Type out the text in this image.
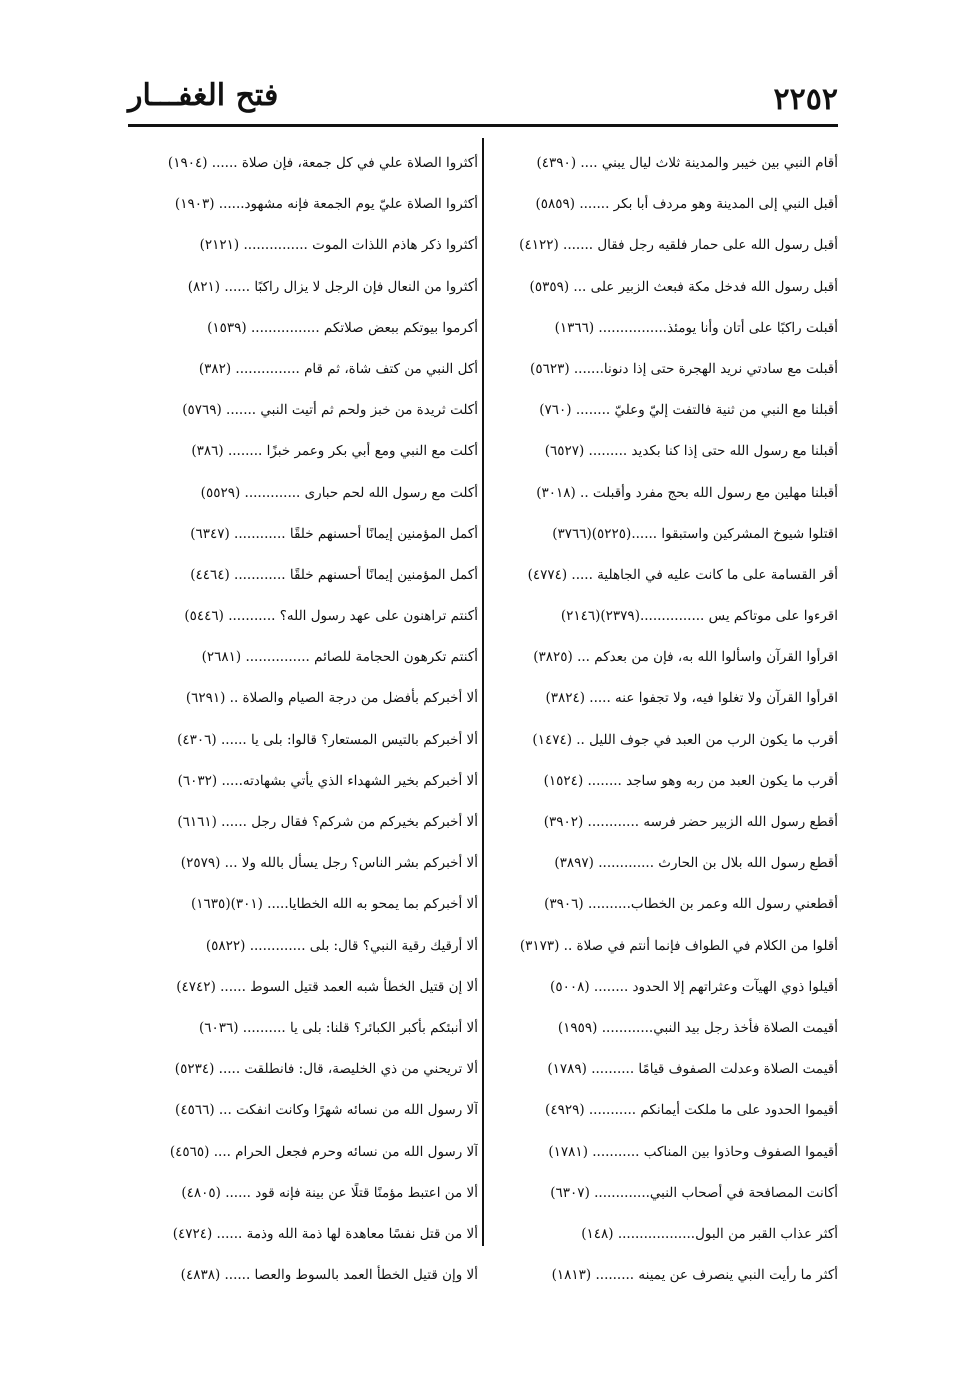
فتح الغفـــار	٢٢٥٢
أقام النبي بين خيبر والمدينة ثلاث ليال يبني .... (٤٣٩٠)
أقبل النبي إلى المدينة وهو مردف أبا بكر ....... (٥٨٥٩)
أقبل رسول الله على حمار فلقيه رجل فقال ....... (٤١٢٢)
أقبل رسول الله فدخل مكة فبعث الزبير على ... (٥٣٥٩)
أقبلت راكبًا على أتان وأنا يومئذ................ (١٣٦٦)
أقبلت مع سادتي نريد الهجرة حتى إذا دنونا....... (٥٦٢٣)
أقبلنا مع النبي من ثنية فالتفت إليّ وعليّ ........ (٧٦٠)
أقبلنا مع رسول الله حتى إذا كنا بكديد ......... (٦٥٢٧)
أقبلنا مهلين مع رسول الله بحج مفرد وأقبلت .. (٣٠١٨)
اقتلوا شيوخ المشركين واستبقوا ......(٥٢٢٥)(٣٧٦٦)
أقر القسامة على ما كانت عليه في الجاهلية ..... (٤٧٧٤)
اقرءوا على موتاكم يس ...............(٢٣٧٩)(٢١٤٦)
اقرأوا القرآن واسألوا الله به، فإن من بعدكم ... (٣٨٢٥)
اقرأوا القرآن ولا تغلوا فيه، ولا تجفوا عنه ..... (٣٨٢٤)
أقرب ما يكون الرب من العبد في جوف الليل .. (١٤٧٤)
أقرب ما يكون العبد من ربه وهو ساجد ........ (١٥٢٤)
أقطع رسول الله الزبير حضر فرسه ............ (٣٩٠٢)
أقطع رسول الله بلال بن الحارث ............. (٣٨٩٧)
أقطعني رسول الله وعمر بن الخطاب.......... (٣٩٠٦)
أقلوا من الكلام في الطواف فإنما أنتم في صلاة .. (٣١٧٣)
أقيلوا ذوي الهيآت وعثراتهم إلا الحدود ........ (٥٠٠٨)
أقيمت الصلاة فأخذ رجل بيد النبي............ (١٩٥٩)
أقيمت الصلاة وعدلت الصفوف قيامًا .......... (١٧٨٩)
أقيموا الحدود على ما ملكت أيمانكم ........... (٤٩٢٩)
أقيموا الصفوف وحاذوا بين المناكب ........... (١٧٨١)
أكانت المصافحة في أصحاب النبي............. (٦٣٠٧)
أكثر عذاب القبر من البول.................. (١٤٨)
أكثر ما رأيت النبي ينصرف عن يمينه ......... (١٨١٣)
أكثروا الصلاة علي في كل جمعة، فإن صلاة ...... (١٩٠٤)
أكثروا الصلاة عليّ يوم الجمعة فإنه مشهود...... (١٩٠٣)
أكثروا ذكر هاذم اللذات الموت ............... (٢١٢١)
أكثروا من النعال فإن الرجل لا يزال راكبًا ...... (٨٢١)
أكرموا بيوتكم ببعض صلاتكم ................ (١٥٣٩)
أكل النبي من كتف شاة، ثم قام ............... (٣٨٢)
أكلت ثريدة من خبز ولحم ثم أتيت النبي ....... (٥٧٦٩)
أكلت مع النبي ومع أبي بكر وعمر خبزًا ........ (٣٨٦)
أكلت مع رسول الله لحم حبارى ............. (٥٥٢٩)
أكمل المؤمنين إيمانًا أحسنهم خلقًا ............ (٦٣٤٧)
أكمل المؤمنين إيمانًا أحسنهم خلقًا ............ (٤٤٦٤)
أكنتم تراهنون على عهد رسول الله؟ ........... (٥٤٤٦)
أكنتم تكرهون الحجامة للصائم ............... (٢٦٨١)
ألا أخبركم بأفضل من درجة الصيام والصلاة .. (٦٢٩١)
ألا أخبركم بالتيس المستعار؟ قالوا: بلى يا ...... (٤٣٠٦)
ألا أخبركم بخير الشهداء الذي يأتي بشهادته..... (٦٠٣٢)
ألا أخبركم بخيركم من شركم؟ فقال رجل ...... (٦١٦١)
ألا أخبركم بشر الناس؟ رجل يسأل بالله ولا ... (٢٥٧٩)
ألا أخبركم بما يمحو به الله الخطايا..... (٣٠١)(١٦٣٥)
ألا أرقيك رقية النبي؟ قال: بلى ............. (٥٨٢٢)
ألا إن قتيل الخطأ شبه العمد قتيل السوط ...... (٤٧٤٢)
ألا أنبئكم بأكبر الكبائر؟ قلنا: بلى يا .......... (٦٠٣٦)
ألا تريحني من ذي الخليصة، قال: فانطلقت ..... (٥٢٣٤)
آلا رسول الله من نسائه شهرًا وكانت انفكت ... (٤٥٦٦)
آلا رسول الله من نسائه وحرم فجعل الحرام .... (٤٥٦٥)
ألا من اعتبط مؤمنًا قتلًا عن بينة فإنه قود ...... (٤٨٠٥)
ألا من قتل نفسًا معاهدة لها ذمة الله وذمة ...... (٤٧٢٤)
ألا وإن قتيل الخطأ العمد بالسوط والعصا ...... (٤٨٣٨)
